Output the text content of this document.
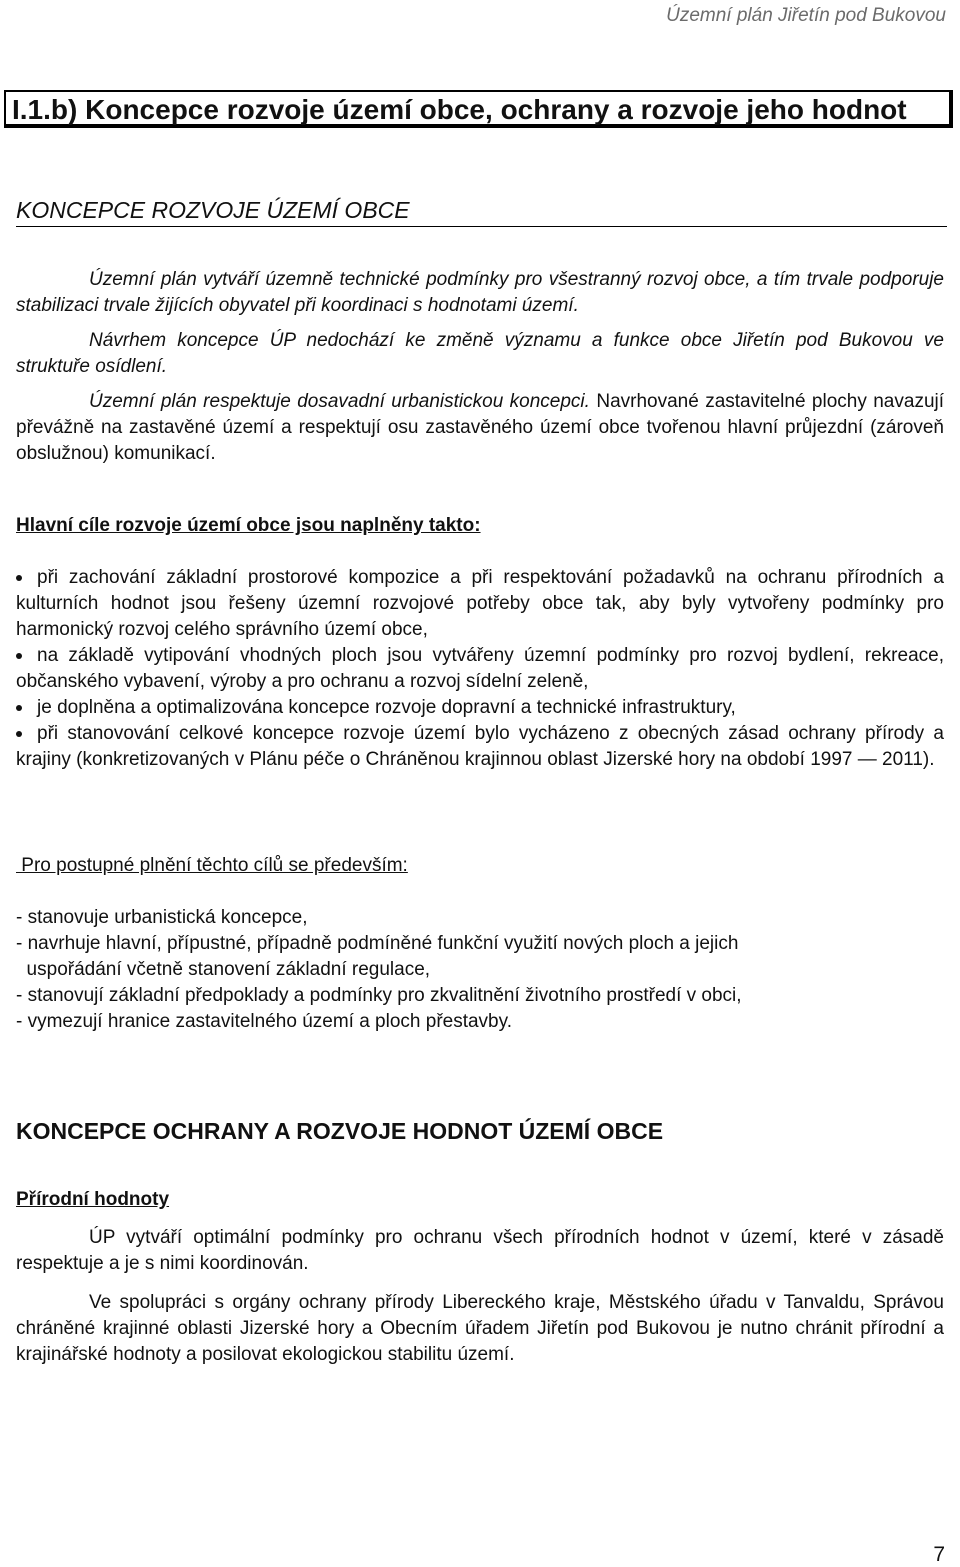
Územní plán Jiřetín pod Bukovou
I.1.b) Koncepce rozvoje území obce, ochrany a rozvoje jeho hodnot
KONCEPCE ROZVOJE ÚZEMÍ OBCE

Územní plán vytváří územně technické podmínky pro všestranný rozvoj obce, a tím trvale podporuje stabilizaci trvale žijících obyvatel při koordinaci s hodnotami území.

Návrhem koncepce ÚP nedochází ke změně významu a funkce obce Jiřetín pod Bukovou ve struktuře osídlení.

Územní plán respektuje dosavadní urbanistickou koncepci. Navrhované zastavitelné plochy navazují převážně na zastavěné území a respektují osu zastavěného území obce tvořenou hlavní průjezdní (zároveň obslužnou) komunikací.

Hlavní cíle rozvoje území obce jsou naplněny takto:
při zachování základní prostorové kompozice a při respektování požadavků na ochranu přírodních a kulturních hodnot jsou řešeny územní rozvojové potřeby obce tak, aby byly vytvořeny podmínky pro harmonický rozvoj celého správního území obce,
na základě vytipování vhodných ploch jsou vytvářeny územní podmínky pro rozvoj bydlení, rekreace, občanského vybavení, výroby a pro ochranu a rozvoj sídelní zeleně,
je doplněna a optimalizována koncepce rozvoje dopravní a technické infrastruktury,
při stanovování celkové koncepce rozvoje území bylo vycházeno z obecných zásad ochrany přírody a krajiny (konkretizovaných v Plánu péče o Chráněnou krajinnou oblast Jizerské hory na období 1997 — 2011).
Pro postupné plnění těchto cílů se především:
- stanovuje urbanistická koncepce,
- navrhuje hlavní, přípustné, případně podmíněné funkční využití nových ploch a jejich
uspořádání včetně stanovení základní regulace,
- stanovují základní předpoklady a podmínky pro zkvalitnění životního prostředí v obci,
- vymezují hranice zastavitelného území a ploch přestavby.
KONCEPCE OCHRANY A ROZVOJE HODNOT ÚZEMÍ OBCE
Přírodní hodnoty

ÚP vytváří optimální podmínky pro ochranu všech přírodních hodnot v území, které v zásadě respektuje a je s nimi koordinován.

Ve spolupráci s orgány ochrany přírody Libereckého kraje, Městského úřadu v Tanvaldu, Správou chráněné krajinné oblasti Jizerské hory a Obecním úřadem Jiřetín pod Bukovou je nutno chránit přírodní a krajinářské hodnoty a posilovat ekologickou stabilitu území.

7
